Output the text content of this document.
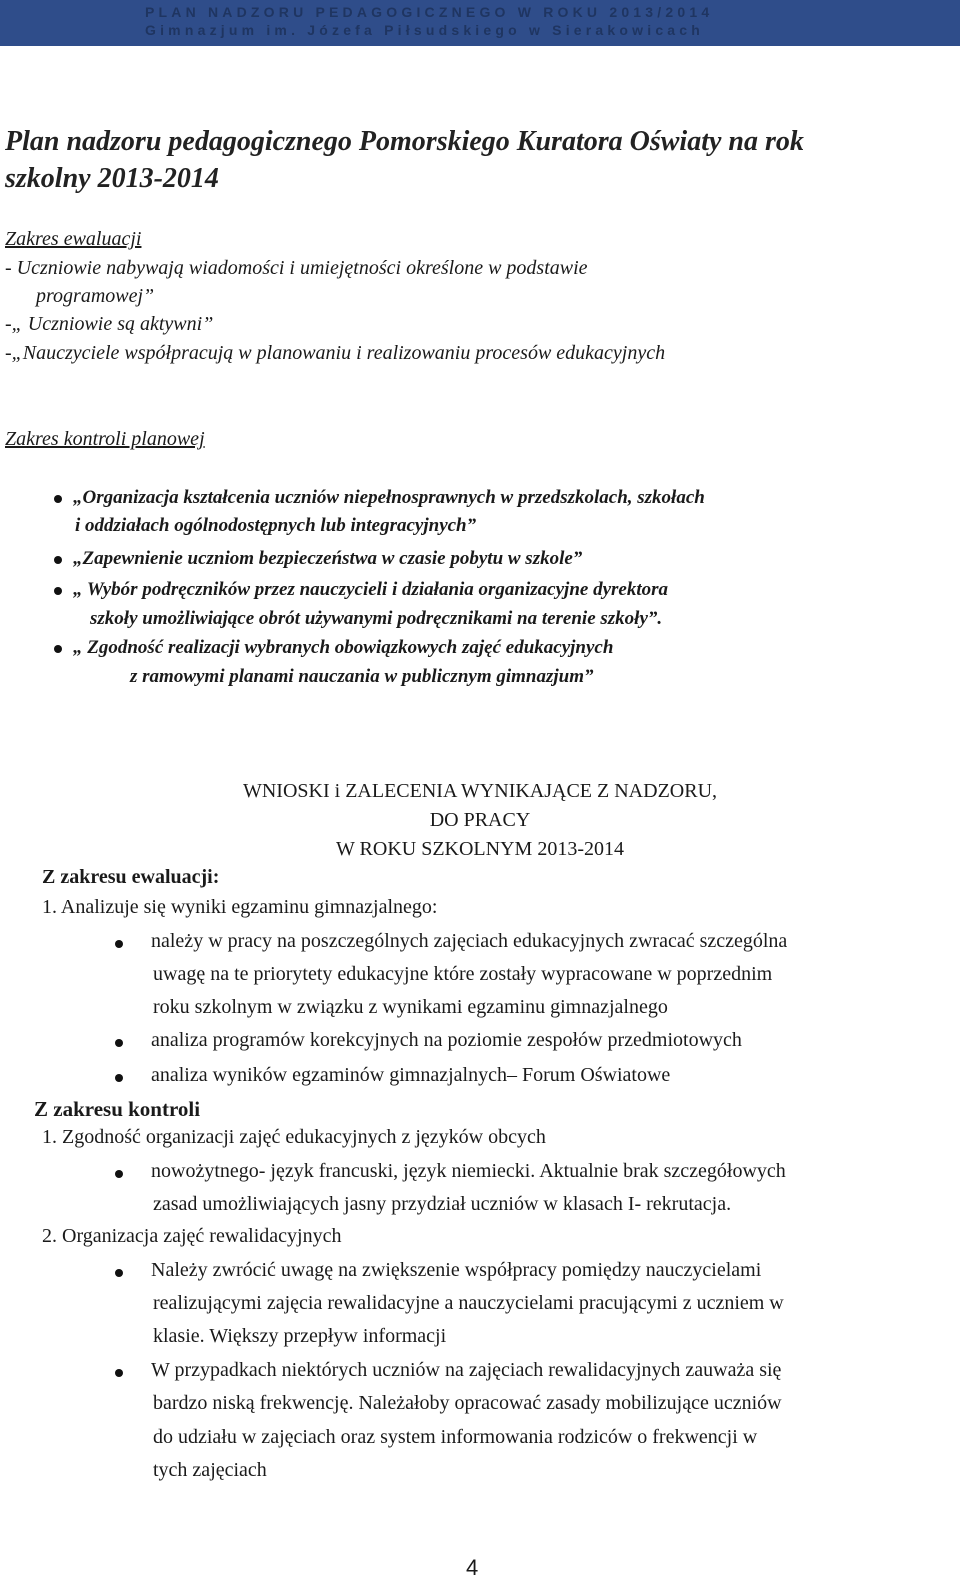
PLAN NADZORU PEDAGOGICZNEGO W ROKU 2013/2014
Gimnazjum im. Józefa Piłsudskiego w Sierakowicach
Plan nadzoru pedagogicznego Pomorskiego Kuratora Oświaty na rok
szkolny 2013-2014
Zakres ewaluacji
- Uczniowie nabywają wiadomości i umiejętności określone w podstawie
programowej”
-„ Uczniowie są aktywni”
-„Nauczyciele współpracują w planowaniu i realizowaniu procesów edukacyjnych
Zakres kontroli planowej
„Organizacja kształcenia uczniów niepełnosprawnych w przedszkolach, szkołach
i oddziałach ogólnodostępnych lub integracyjnych”
„Zapewnienie uczniom bezpieczeństwa w czasie pobytu w szkole”
„ Wybór podręczników przez nauczycieli i działania organizacyjne dyrektora
szkoły umożliwiające obrót używanymi podręcznikami na terenie szkoły”.
„ Zgodność realizacji wybranych obowiązkowych zajęć edukacyjnych
z ramowymi planami nauczania w publicznym gimnazjum”
WNIOSKI i ZALECENIA WYNIKAJĄCE Z NADZORU,
DO PRACY
W ROKU SZKOLNYM 2013-2014
Z zakresu ewaluacji:
1. Analizuje się wyniki egzaminu gimnazjalnego:
należy w pracy na poszczególnych zajęciach edukacyjnych zwracać szczególna
uwagę na te priorytety edukacyjne które zostały wypracowane w poprzednim
roku szkolnym w związku z wynikami egzaminu gimnazjalnego
analiza programów korekcyjnych na poziomie zespołów przedmiotowych
analiza wyników egzaminów gimnazjalnych– Forum Oświatowe
Z zakresu kontroli
1. Zgodność organizacji zajęć edukacyjnych z języków obcych
nowożytnego- język francuski, język niemiecki. Aktualnie brak szczegółowych
zasad umożliwiających jasny przydział uczniów w klasach I- rekrutacja.
2. Organizacja zajęć rewalidacyjnych
Należy zwrócić uwagę na zwiększenie współpracy pomiędzy nauczycielami
realizującymi zajęcia rewalidacyjne a nauczycielami pracującymi z uczniem w
klasie. Większy przepływ informacji
W przypadkach niektórych uczniów na zajęciach rewalidacyjnych zauważa się
bardzo niską frekwencję. Należałoby opracować zasady mobilizujące uczniów
do udziału w zajęciach oraz system informowania rodziców o frekwencji w
tych zajęciach
4
